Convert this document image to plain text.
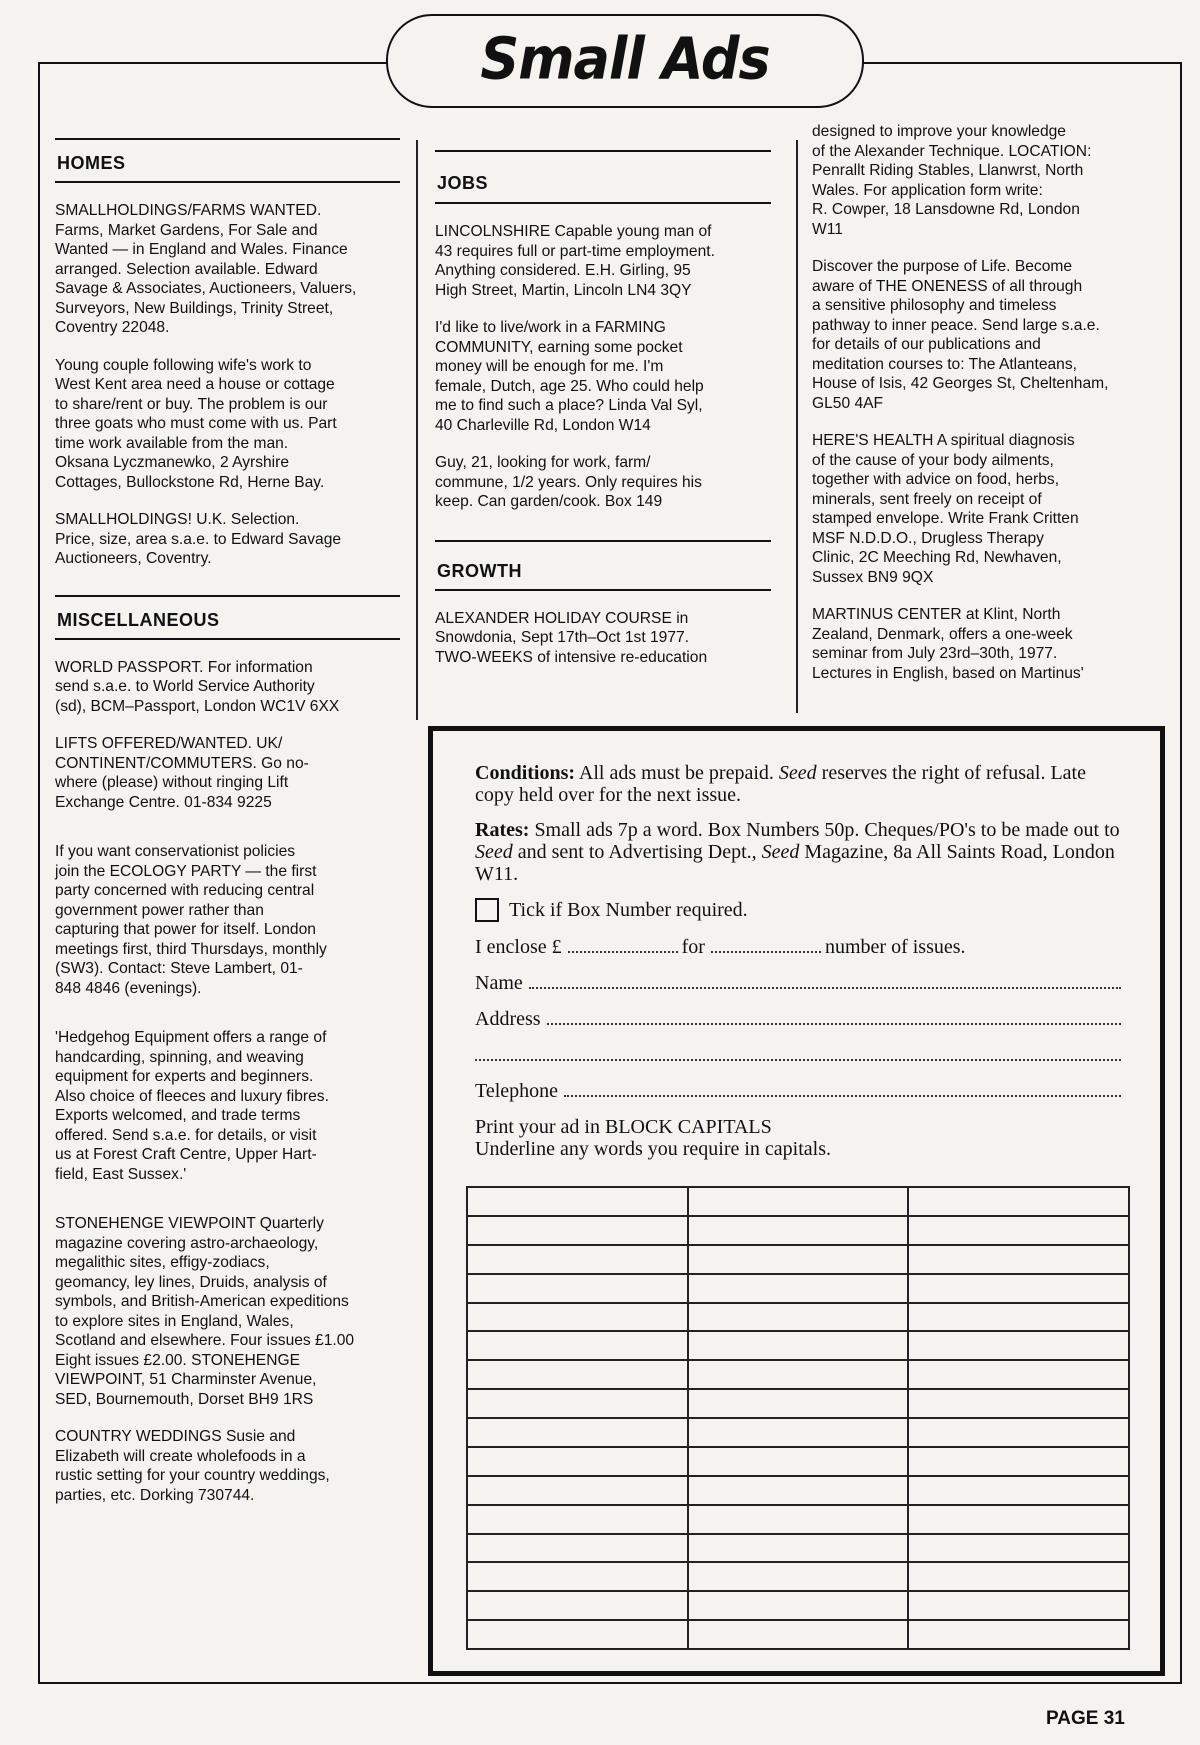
Small Ads
HOMES
SMALLHOLDINGS/FARMS WANTED.
Farms, Market Gardens, For Sale and
Wanted — in England and Wales. Finance
arranged. Selection available. Edward
Savage & Associates, Auctioneers, Valuers,
Surveyors, New Buildings, Trinity Street,
Coventry 22048.
Young couple following wife's work to
West Kent area need a house or cottage
to share/rent or buy. The problem is our
three goats who must come with us. Part
time work available from the man.
Oksana Lyczmanewko, 2 Ayrshire
Cottages, Bullockstone Rd, Herne Bay.
SMALLHOLDINGS! U.K. Selection.
Price, size, area s.a.e. to Edward Savage
Auctioneers, Coventry.
MISCELLANEOUS
WORLD PASSPORT. For information
send s.a.e. to World Service Authority
(sd), BCM–Passport, London WC1V 6XX
LIFTS OFFERED/WANTED. UK/
CONTINENT/COMMUTERS. Go no-
where (please) without ringing Lift
Exchange Centre. 01-834 9225
If you want conservationist policies
join the ECOLOGY PARTY — the first
party concerned with reducing central
government power rather than
capturing that power for itself. London
meetings first, third Thursdays, monthly
(SW3). Contact: Steve Lambert, 01-
848 4846 (evenings).
'Hedgehog Equipment offers a range of
handcarding, spinning, and weaving
equipment for experts and beginners.
Also choice of fleeces and luxury fibres.
Exports welcomed, and trade terms
offered. Send s.a.e. for details, or visit
us at Forest Craft Centre, Upper Hart-
field, East Sussex.'
STONEHENGE VIEWPOINT Quarterly
magazine covering astro-archaeology,
megalithic sites, effigy-zodiacs,
geomancy, ley lines, Druids, analysis of
symbols, and British-American expeditions
to explore sites in England, Wales,
Scotland and elsewhere. Four issues £1.00
Eight issues £2.00. STONEHENGE
VIEWPOINT, 51 Charminster Avenue,
SED, Bournemouth, Dorset BH9 1RS
COUNTRY WEDDINGS Susie and
Elizabeth will create wholefoods in a
rustic setting for your country weddings,
parties, etc. Dorking 730744.
JOBS
LINCOLNSHIRE Capable young man of
43 requires full or part-time employment.
Anything considered. E.H. Girling, 95
High Street, Martin, Lincoln LN4 3QY
I'd like to live/work in a FARMING
COMMUNITY, earning some pocket
money will be enough for me. I'm
female, Dutch, age 25. Who could help
me to find such a place? Linda Val Syl,
40 Charleville Rd, London W14
Guy, 21, looking for work, farm/
commune, 1/2 years. Only requires his
keep. Can garden/cook. Box 149
GROWTH
ALEXANDER HOLIDAY COURSE in
Snowdonia, Sept 17th–Oct 1st 1977.
TWO-WEEKS of intensive re-education
designed to improve your knowledge
of the Alexander Technique. LOCATION:
Penrallt Riding Stables, Llanwrst, North
Wales. For application form write:
R. Cowper, 18 Lansdowne Rd, London
W11
Discover the purpose of Life. Become
aware of THE ONENESS of all through
a sensitive philosophy and timeless
pathway to inner peace. Send large s.a.e.
for details of our publications and
meditation courses to: The Atlanteans,
House of Isis, 42 Georges St, Cheltenham,
GL50 4AF
HERE'S HEALTH A spiritual diagnosis
of the cause of your body ailments,
together with advice on food, herbs,
minerals, sent freely on receipt of
stamped envelope. Write Frank Critten
MSF N.D.D.O., Drugless Therapy
Clinic, 2C Meeching Rd, Newhaven,
Sussex BN9 9QX
MARTINUS CENTER at Klint, North
Zealand, Denmark, offers a one-week
seminar from July 23rd–30th, 1977.
Lectures in English, based on Martinus'

Conditions: All ads must be prepaid. Seed reserves the right of refusal. Late copy held over for the next issue.

Rates: Small ads 7p a word. Box Numbers 50p. Cheques/PO's to be made out to Seed and sent to Advertising Dept., Seed Magazine, 8a All Saints Road, London W11.

Tick if Box Number required.
I enclose £	for	number of issues.
Name
Address
Telephone

Print your ad in BLOCK CAPITALS
Underline any words you require in capitals.

PAGE 31
